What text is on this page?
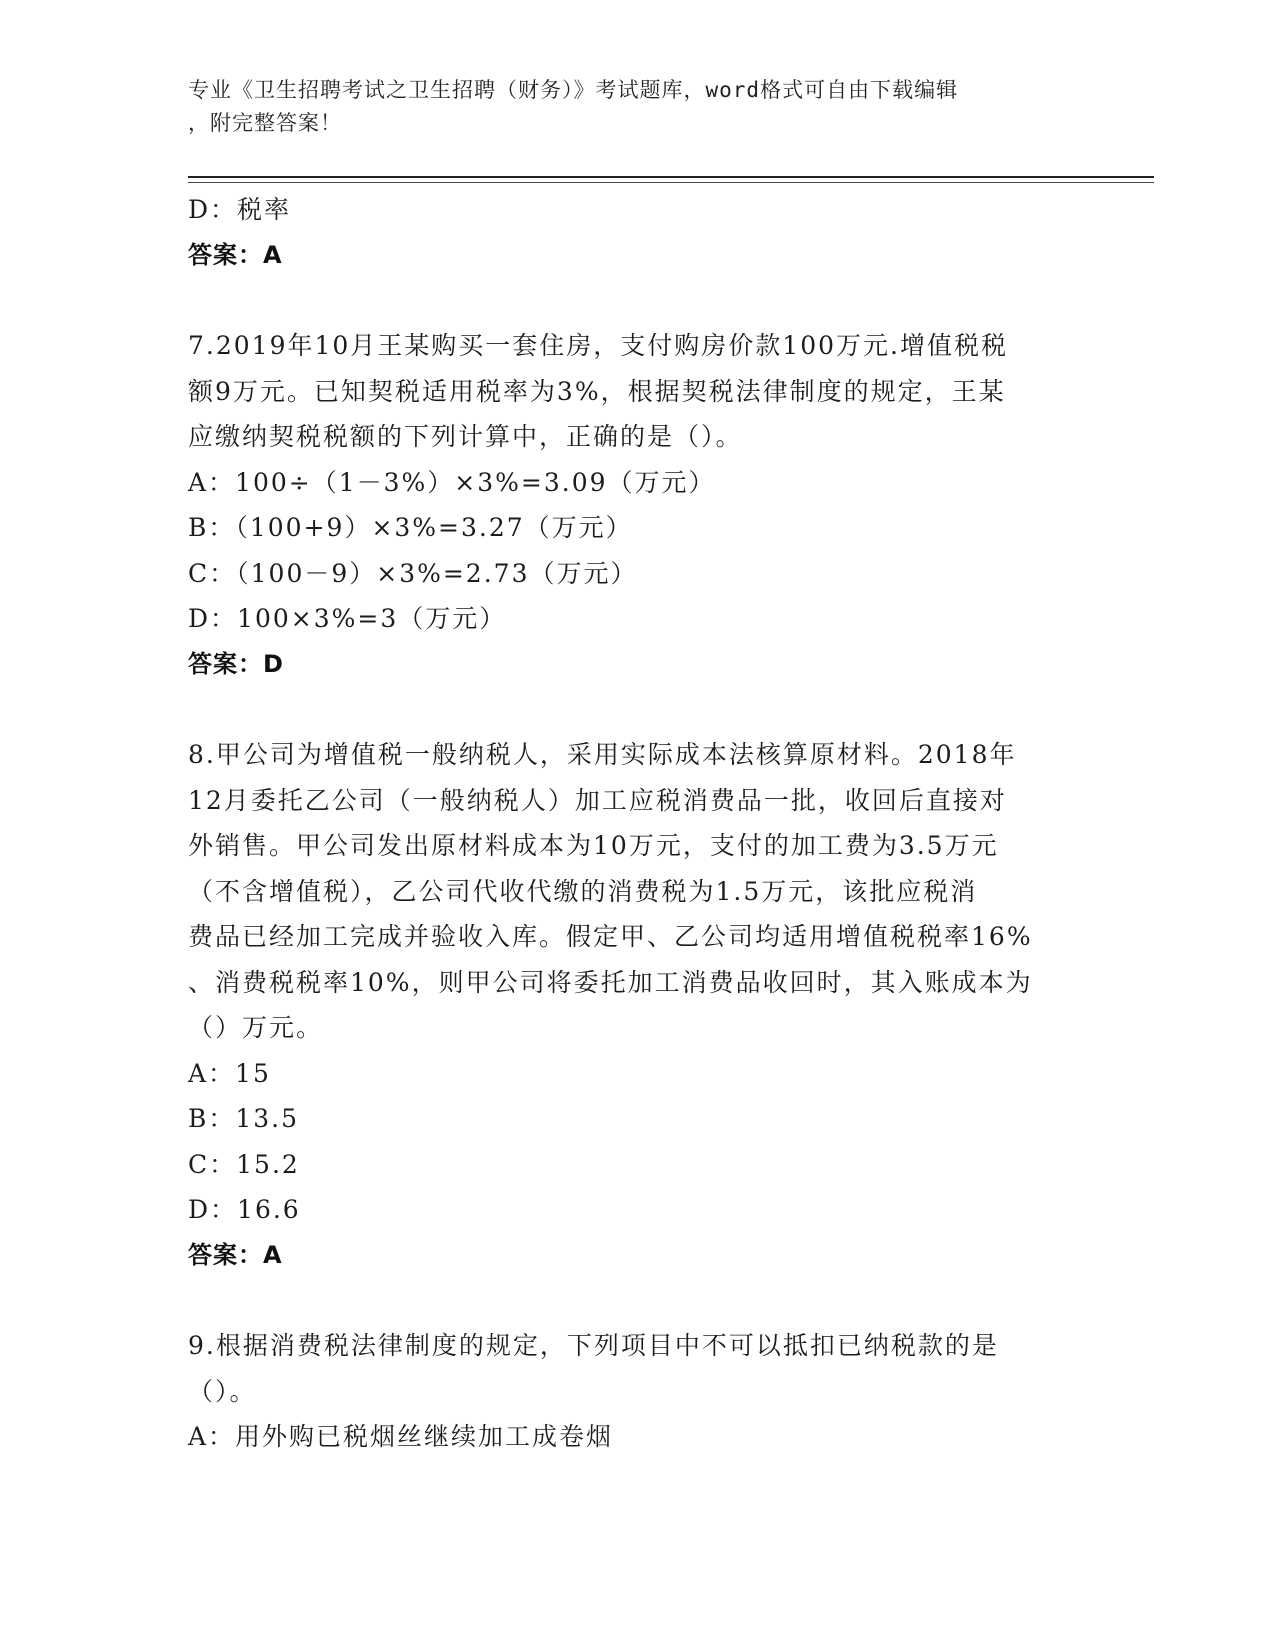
专业《卫生招聘考试之卫生招聘（财务）》考试题库，word格式可自由下载编辑
，附完整答案！
D：税率
答案：A
7.2019年10月王某购买一套住房，支付购房价款100万元.增值税税
额9万元。已知契税适用税率为3%，根据契税法律制度的规定，王某
应缴纳契税税额的下列计算中，正确的是（）。
A：100÷（1－3%）×3%=3.09（万元）
B：（100+9）×3%=3.27（万元）
C：（100－9）×3%=2.73（万元）
D：100×3%=3（万元）
答案：D
8.甲公司为增值税一般纳税人，采用实际成本法核算原材料。2018年
12月委托乙公司（一般纳税人）加工应税消费品一批，收回后直接对
外销售。甲公司发出原材料成本为10万元，支付的加工费为3.5万元
（不含增值税），乙公司代收代缴的消费税为1.5万元，该批应税消
费品已经加工完成并验收入库。假定甲、乙公司均适用增值税税率16%
、消费税税率10%，则甲公司将委托加工消费品收回时，其入账成本为
（）万元。
A：15
B：13.5
C：15.2
D：16.6
答案：A
9.根据消费税法律制度的规定，下列项目中不可以抵扣已纳税款的是
（）。
A：用外购已税烟丝继续加工成卷烟
